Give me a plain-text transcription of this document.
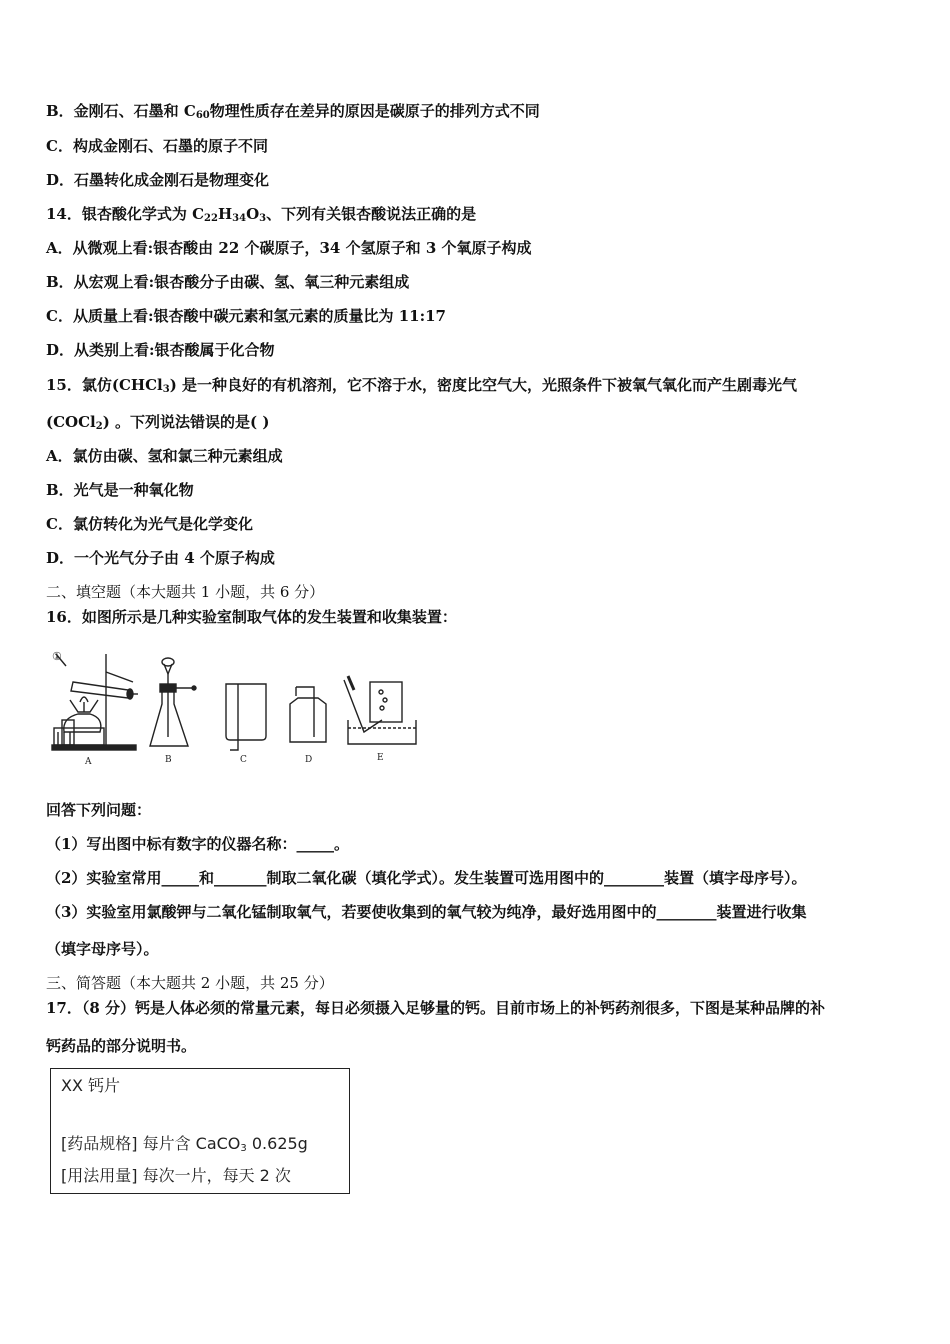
B．金刚石、石墨和 $C_{60}$物理性质存在差异的原因是碳原子的排列方式不同
C．构成金刚石、石墨的原子不同
D．石墨转化成金刚石是物理变化
14．银杏酸化学式为 $C_{22}H_{34}O_3$、下列有关银杏酸说法正确的是
A．从微观上看:银杏酸由 22 个碳原子，34 个氢原子和 3 个氧原子构成
B．从宏观上看:银杏酸分子由碳、氢、氧三种元素组成
C．从质量上看:银杏酸中碳元素和氢元素的质量比为 11:17
D．从类别上看:银杏酸属于化合物
15．氯仿(CHCl$_3$) 是一种良好的有机溶剂，它不溶于水，密度比空气大，光照条件下被氧气氧化而产生剧毒光气
(COCl$_2$) 。下列说法错误的是( )
A．氯仿由碳、氢和氯三种元素组成
B．光气是一种氧化物
C．氯仿转化为光气是化学变化
D．一个光气分子由 4 个原子构成
二、填空题（本大题共 1 小题，共 6 分）
16．如图所示是几种实验室制取气体的发生装置和收集装置：
①
A	B	C	D	E
回答下列问题：
（1）写出图中标有数字的仪器名称：_____。
（2）实验室常用_____和_______制取二氧化碳（填化学式）。发生装置可选用图中的________装置（填字母序号）。
（3）实验室用氯酸钾与二氧化锰制取氧气，若要使收集到的氧气较为纯净，最好选用图中的________装置进行收集
（填字母序号）。
三、简答题（本大题共 2 小题，共 25 分）
17．（8 分）钙是人体必须的常量元素，每日必须摄入足够量的钙。目前市场上的补钙药剂很多，下图是某种品牌的补
钙药品的部分说明书。
XX 钙片
[药品规格] 每片含 CaCO$_3$ 0.625g
[用法用量] 每次一片，每天 2 次
